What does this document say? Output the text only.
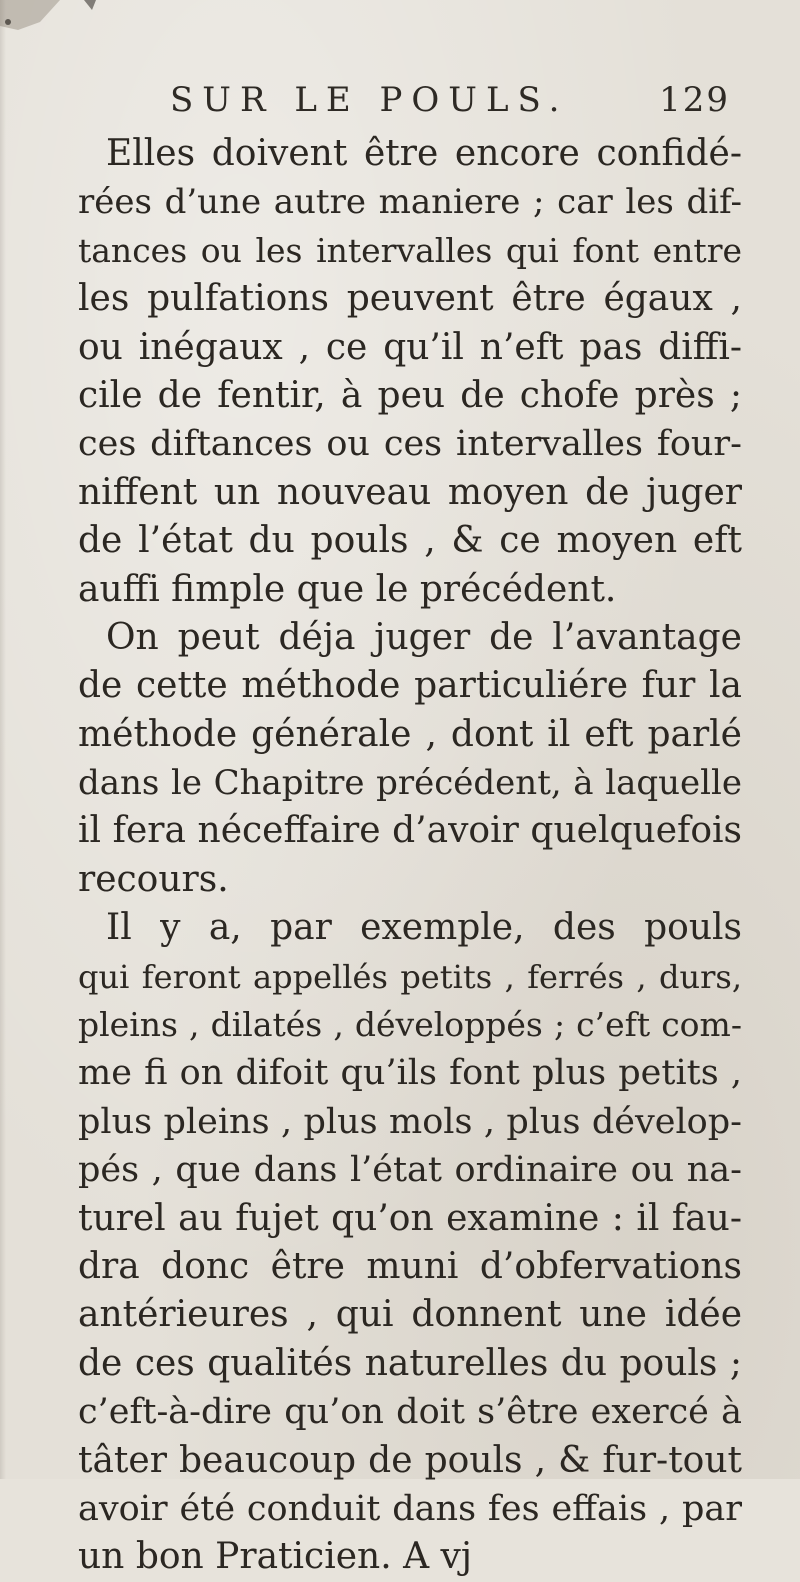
SUR LE POULS.	129
Elles doivent être encore confidé-
rées d’une autre maniere ; car les dif-
tances ou les intervalles qui font entre
les pulfations peuvent être égaux ,
ou inégaux , ce qu’il n’eft pas diffi-
cile de fentir, à peu de chofe près ;
ces diftances ou ces intervalles four-
niffent un nouveau moyen de juger
de l’état du pouls , & ce moyen eft
auffi fimple que le précédent.
On peut déja juger de l’avantage
de cette méthode particuliére fur la
méthode générale , dont il eft parlé
dans le Chapitre précédent, à laquelle
il fera néceffaire d’avoir quelquefois
recours.
Il y a, par exemple, des pouls
qui feront appellés petits , ferrés , durs,
pleins , dilatés , développés ; c’eft com-
me fi on difoit qu’ils font plus petits ,
plus pleins , plus mols , plus dévelop-
pés , que dans l’état ordinaire ou na-
turel au fujet qu’on examine : il fau-
dra donc être muni d’obfervations
antérieures , qui donnent une idée
de ces qualités naturelles du pouls ;
c’eft-à-dire qu’on doit s’être exercé à
tâter beaucoup de pouls , & fur-tout
avoir été conduit dans fes effais , par
un bon Praticien. A vj
